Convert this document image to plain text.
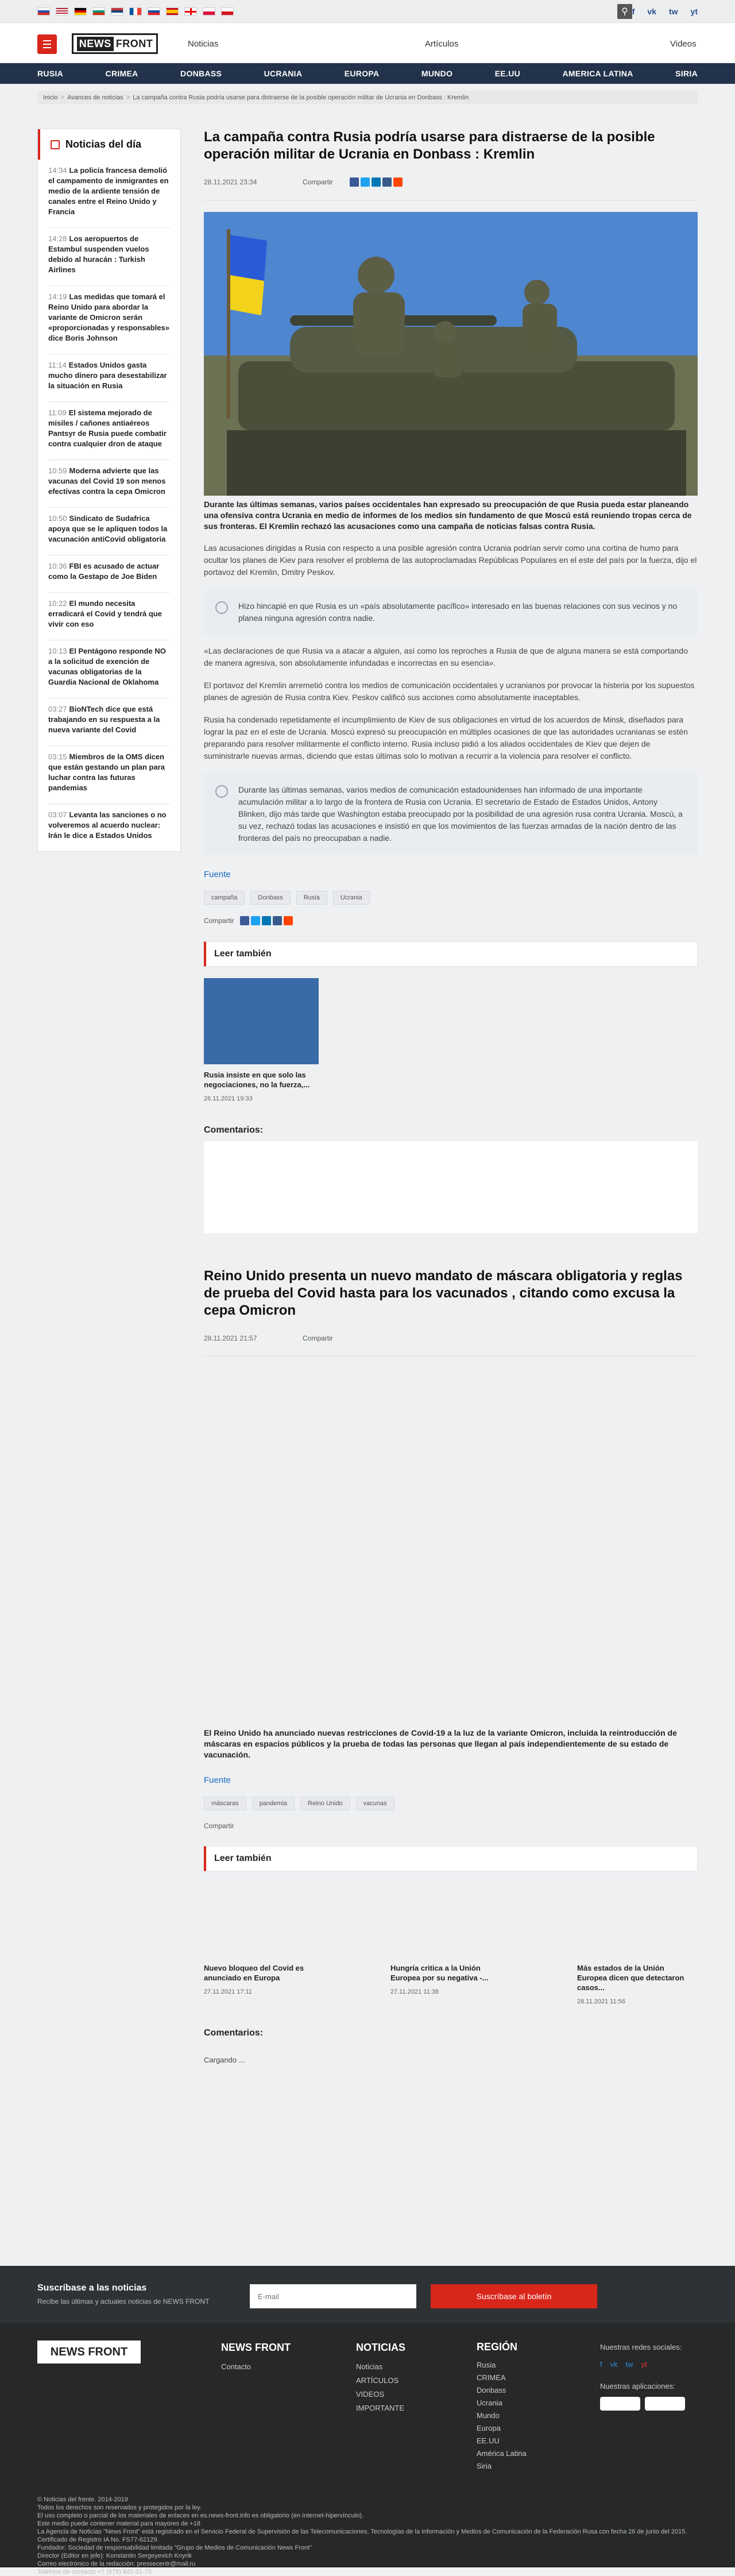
⚲ f vk tw yt
NEWS FRONT	Noticias	Artículos	Videos
RUSIA	CRIMEA	DONBASS	UCRANIA	EUROPA	MUNDO	EE.UU	AMERICA LATINA	SIRIA
Inicio > Avances de noticias > La campaña contra Rusia podría usarse para distraerse de la posible operación militar de Ucrania en Donbass : Kremlin
Noticias del día
14:34 La policía francesa demolió el campamento de inmigrantes en medio de la ardiente tensión de canales entre el Reino Unido y Francia
14:28 Los aeropuertos de Estambul suspenden vuelos debido al huracán : Turkish Airlines
14:19 Las medidas que tomará el Reino Unido para abordar la variante de Omicron serán «proporcionadas y responsables» dice Boris Johnson
11:14 Estados Unidos gasta mucho dinero para desestabilizar la situación en Rusia
11:09 El sistema mejorado de misiles / cañones antiaéreos Pantsyr de Rusia puede combatir contra cualquier dron de ataque
10:59 Moderna advierte que las vacunas del Covid 19 son menos efectivas contra la cepa Omicron
10:50 Sindicato de Sudafrica apoya que se le apliquen todos la vacunación antiCovid obligatoria
10:36 FBI es acusado de actuar como la Gestapo de Joe Biden
10:22 El mundo necesita erradicará el Covid y tendrá que vivir con eso
10:13 El Pentágono responde NO a la solicitud de exención de vacunas obligatorias de la Guardia Nacional de Oklahoma
03:27 BioNTech dice que está trabajando en su respuesta a la nueva variante del Covid
03:15 Miembros de la OMS dicen que están gestando un plan para luchar contra las futuras pandemias
03:07 Levanta las sanciones o no volveremos al acuerdo nuclear: Irán le dice a Estados Unidos
La campaña contra Rusia podría usarse para distraerse de la posible operación militar de Ucrania en Donbass : Kremlin
28.11.2021 23:34	Compartir

Durante las últimas semanas, varios países occidentales han expresado su preocupación de que Rusia pueda estar planeando una ofensiva contra Ucrania en medio de informes de los medios sin fundamento de que Moscú está reuniendo tropas cerca de sus fronteras. El Kremlin rechazó las acusaciones como una campaña de noticias falsas contra Rusia.

Las acusaciones dirigidas a Rusia con respecto a una posible agresión contra Ucrania podrían servir como una cortina de humo para ocultar los planes de Kiev para resolver el problema de las autoproclamadas Repúblicas Populares en el este del país por la fuerza, dijo el portavoz del Kremlin, Dmitry Peskov.

Hizo hincapié en que Rusia es un «país absolutamente pacífico» interesado en las buenas relaciones con sus vecinos y no planea ninguna agresión contra nadie.

«Las declaraciones de que Rusia va a atacar a alguien, así como los reproches a Rusia de que de alguna manera se está comportando de manera agresiva, son absolutamente infundadas e incorrectas en su esencia».

El portavoz del Kremlin arremetió contra los medios de comunicación occidentales y ucranianos por provocar la histeria por los supuestos planes de agresión de Rusia contra Kiev. Peskov calificó sus acciones como absolutamente inaceptables.

Rusia ha condenado repetidamente el incumplimiento de Kiev de sus obligaciones en virtud de los acuerdos de Minsk, diseñados para lograr la paz en el este de Ucrania. Moscú expresó su preocupación en múltiples ocasiones de que las autoridades ucranianas se estén preparando para resolver militarmente el conflicto interno. Rusia incluso pidió a los aliados occidentales de Kiev que dejen de suministrarle nuevas armas, diciendo que estas últimas solo lo motivan a recurrir a la violencia para resolver el conflicto.

Durante las últimas semanas, varios medios de comunicación estadounidenses han informado de una importante acumulación militar a lo largo de la frontera de Rusia con Ucrania. El secretario de Estado de Estados Unidos, Antony Blinken, dijo más tarde que Washington estaba preocupado por la posibilidad de una agresión rusa contra Ucrania. Moscú, a su vez, rechazó todas las acusaciones e insistió en que los movimientos de las fuerzas armadas de la nación dentro de las fronteras del país no preocupaban a nadie.
Fuente
campaña	Donbass	Rusia	Ucrania
Compartir
Leer también
Rusia insiste en que solo las negociaciones, no la fuerza,...
26.11.2021 19:33
Comentarios:
Reino Unido presenta un nuevo mandato de máscara obligatoria y reglas de prueba del Covid hasta para los vacunados , citando como excusa la cepa Omicron
28.11.2021 21:57	Compartir

El Reino Unido ha anunciado nuevas restricciones de Covid-19 a la luz de la variante Omicron, incluida la reintroducción de máscaras en espacios públicos y la prueba de todas las personas que llegan al país independientemente de su estado de vacunación.

Fuente
máscaras	pandemia	Reino Unido	vacunas
Compartir
Leer también
Nuevo bloqueo del Covid es anunciado en Europa
27.11.2021 17:11
Hungría critica a la Unión Europea por su negativa -...
27.11.2021 11:38
Más estados de la Unión Europea dicen que detectaron casos...
28.11.2021 11:56
Comentarios:
Cargando ...
Suscríbase a las noticias
Recibe las últimas y actuales noticias de NEWS FRONT
E-mail
Suscríbase al boletín
NEWS FRONT	NEWS FRONT
Contacto
NOTICIAS
Noticias
ARTÍCULOS
VIDEOS
IMPORTANTE
REGIÓN
Rusia
CRIMEA
Donbass
Ucrania
Mundo
Europa
EE.UU
América Latina
Siria
Nuestras redes sociales:
f vk tw yt
Nuestras aplicaciones:
© Noticias del frente. 2014-2019
Todos los derechos son reservados y protegidos por la ley.
El uso completo o parcial de los materiales de enlaces en es.news-front.info es obligatorio (en Internet-hipervínculo).
Este medio puede contener material para mayores de +18
La Agencia de Noticias "News Front" está registrado en el Servicio Federal de Supervisión de las Telecomunicaciones, Tecnologías de la Información y Medios de Comunicación de la Federación Rusa con fecha 26 de junio del 2015. Certificado de Registro IA No. FS77-62129.
Fundador: Sociedad de responsabilidad limitada "Grupo de Medios de Comunicación News Front"
Director (Editor en jefe): Konstantin Sergeyevich Knyrik
Correo electrónico de la redacción: pressecentr@mail.ru
Teléfono de contacto +7 (978) 841-31-70
